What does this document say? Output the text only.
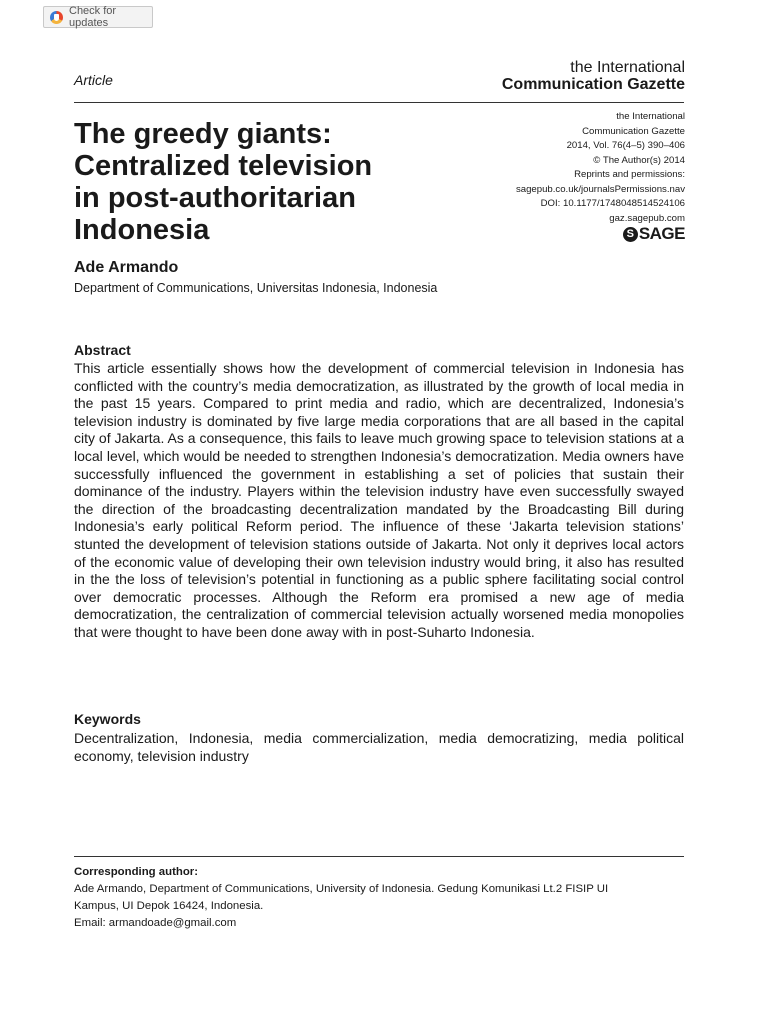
Check for updates
Article
the International
Communication Gazette
The greedy giants:
Centralized television
in post-authoritarian
Indonesia
the International
Communication Gazette
2014, Vol. 76(4–5) 390–406
© The Author(s) 2014
Reprints and permissions:
sagepub.co.uk/journalsPermissions.nav
DOI: 10.1177/1748048514524106
gaz.sagepub.com
S SAGE
Ade Armando
Department of Communications, Universitas Indonesia, Indonesia
Abstract

This article essentially shows how the development of commercial television in Indonesia has conflicted with the country’s media democratization, as illustrated by the growth of local media in the past 15 years. Compared to print media and radio, which are decentralized, Indonesia’s television industry is dominated by five large media corporations that are all based in the capital city of Jakarta. As a consequence, this fails to leave much growing space to television stations at a local level, which would be needed to strengthen Indonesia’s democratization. Media owners have successfully influenced the government in establishing a set of policies that sustain their dominance of the industry. Players within the television industry have even successfully swayed the direction of the broadcasting decentralization mandated by the Broadcasting Bill during Indonesia’s early political Reform period. The influence of these ‘Jakarta television stations’ stunted the development of television stations outside of Jakarta. Not only it deprives local actors of the economic value of developing their own television industry would bring, it also has resulted in the the loss of television’s potential in functioning as a public sphere facilitating social control over democratic processes. Although the Reform era promised a new age of media democratization, the centralization of commercial television actually worsened media monopolies that were thought to have been done away with in post-Suharto Indonesia.

Keywords

Decentralization, Indonesia, media commercialization, media democratizing, media political economy, television industry

Corresponding author:
Ade Armando, Department of Communications, University of Indonesia. Gedung Komunikasi Lt.2 FISIP UI
Kampus, UI Depok 16424, Indonesia.
Email: armandoade@gmail.com
